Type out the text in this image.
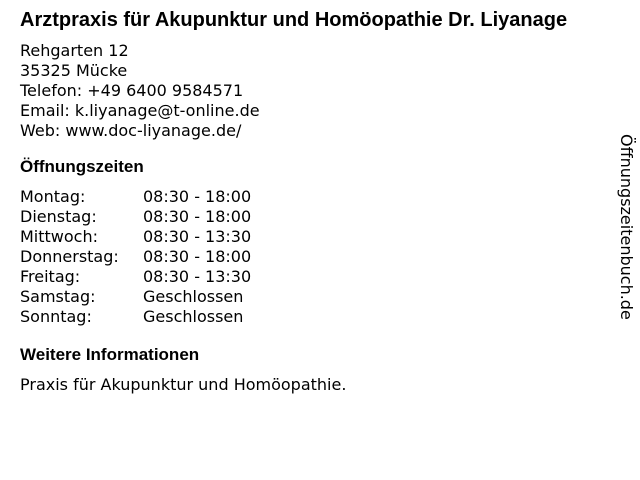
Arztpraxis für Akupunktur und Homöopathie Dr. Liyanage
Rehgarten 12
35325 Mücke
Telefon: +49 6400 9584571
Email: k.liyanage@t-online.de
Web: www.doc-liyanage.de/
Öffnungszeiten
Montag:	08:30 - 18:00
Dienstag:	08:30 - 18:00
Mittwoch:	08:30 - 13:30
Donnerstag:	08:30 - 18:00
Freitag:	08:30 - 13:30
Samstag:	Geschlossen
Sonntag:	Geschlossen
Weitere Informationen
Praxis für Akupunktur und Homöopathie.
Öffnungszeitenbuch.de
